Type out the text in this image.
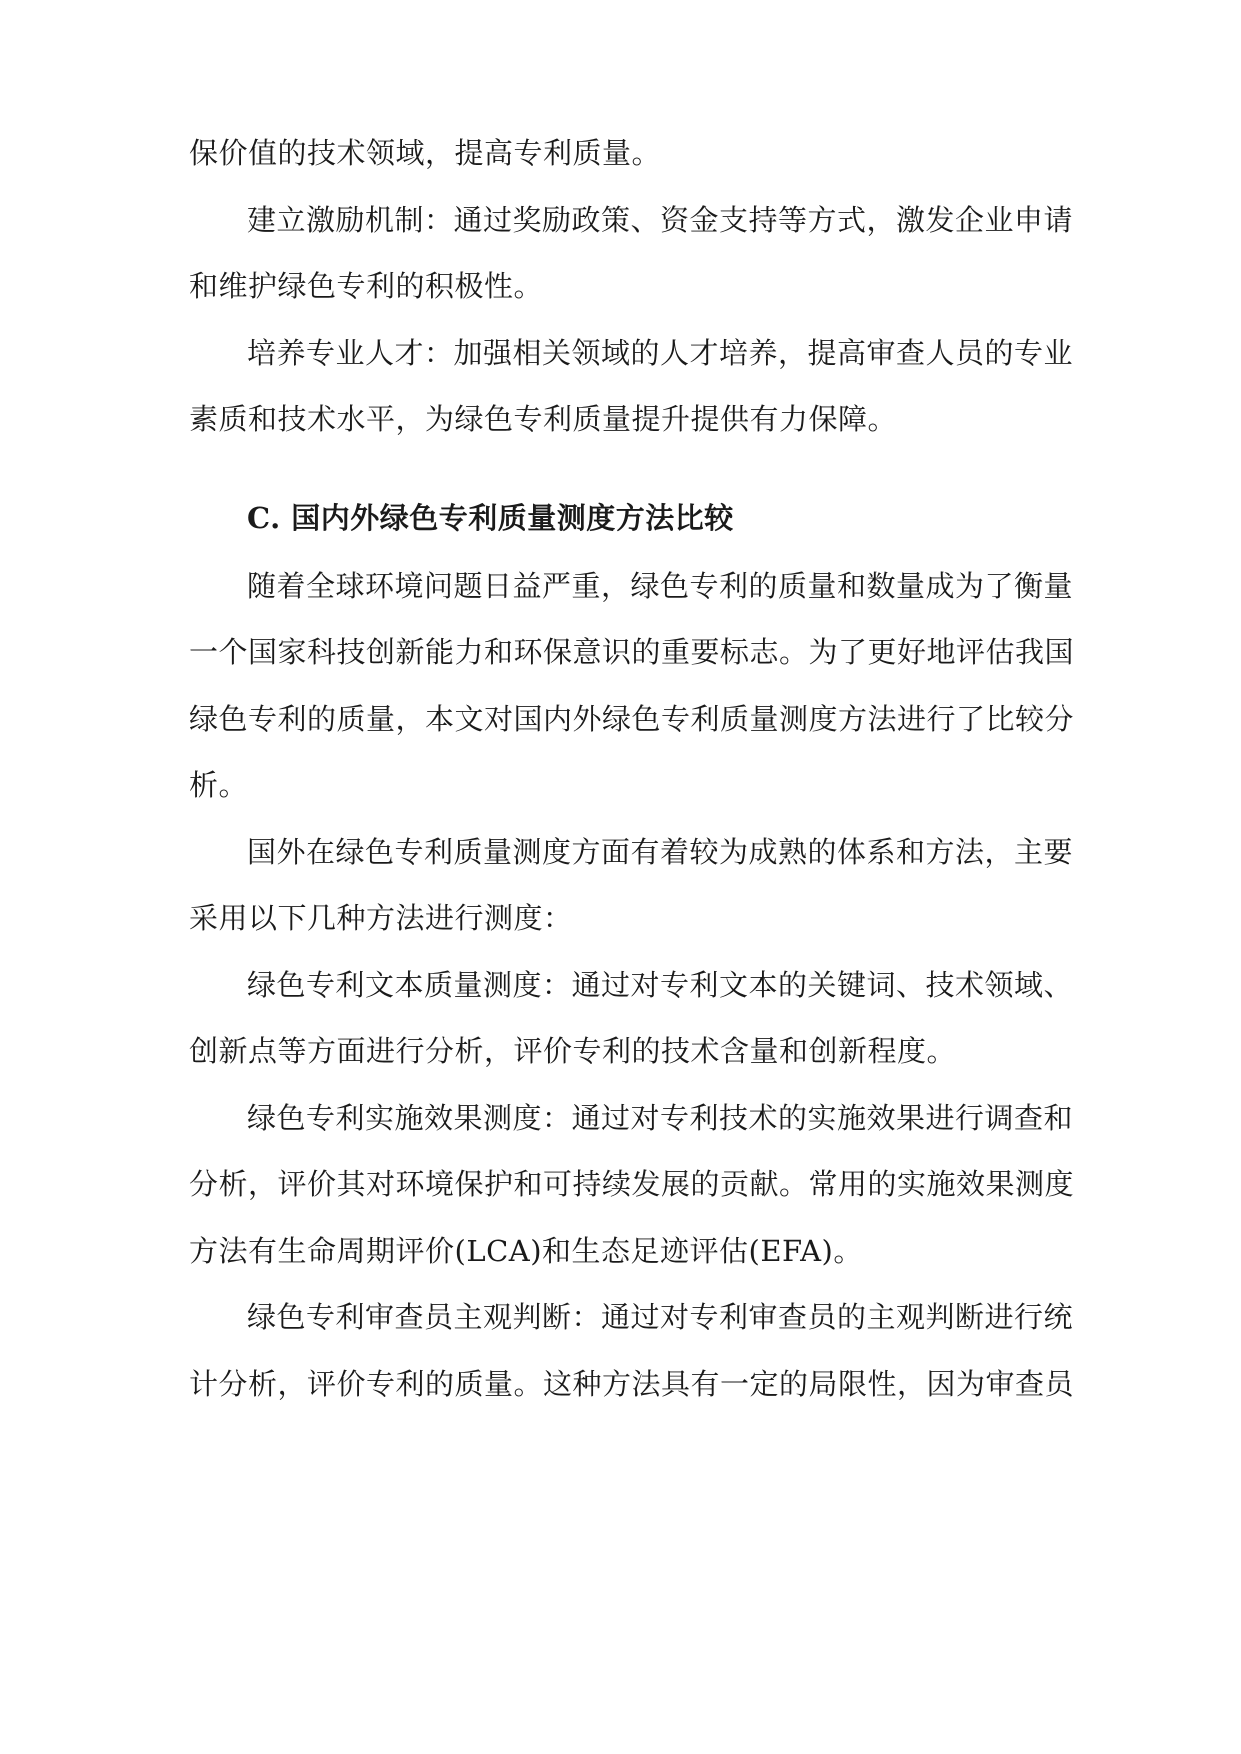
保价值的技术领域，提高专利质量。
建立激励机制：通过奖励政策、资金支持等方式，激发企业申请
和维护绿色专利的积极性。
培养专业人才：加强相关领域的人才培养，提高审查人员的专业
素质和技术水平，为绿色专利质量提升提供有力保障。
C. 国内外绿色专利质量测度方法比较
随着全球环境问题日益严重，绿色专利的质量和数量成为了衡量
一个国家科技创新能力和环保意识的重要标志。为了更好地评估我国
绿色专利的质量，本文对国内外绿色专利质量测度方法进行了比较分
析。
国外在绿色专利质量测度方面有着较为成熟的体系和方法，主要
采用以下几种方法进行测度：
绿色专利文本质量测度：通过对专利文本的关键词、技术领域、
创新点等方面进行分析，评价专利的技术含量和创新程度。
绿色专利实施效果测度：通过对专利技术的实施效果进行调查和
分析，评价其对环境保护和可持续发展的贡献。常用的实施效果测度
方法有生命周期评价(LCA)和生态足迹评估(EFA)。
绿色专利审查员主观判断：通过对专利审查员的主观判断进行统
计分析，评价专利的质量。这种方法具有一定的局限性，因为审查员
